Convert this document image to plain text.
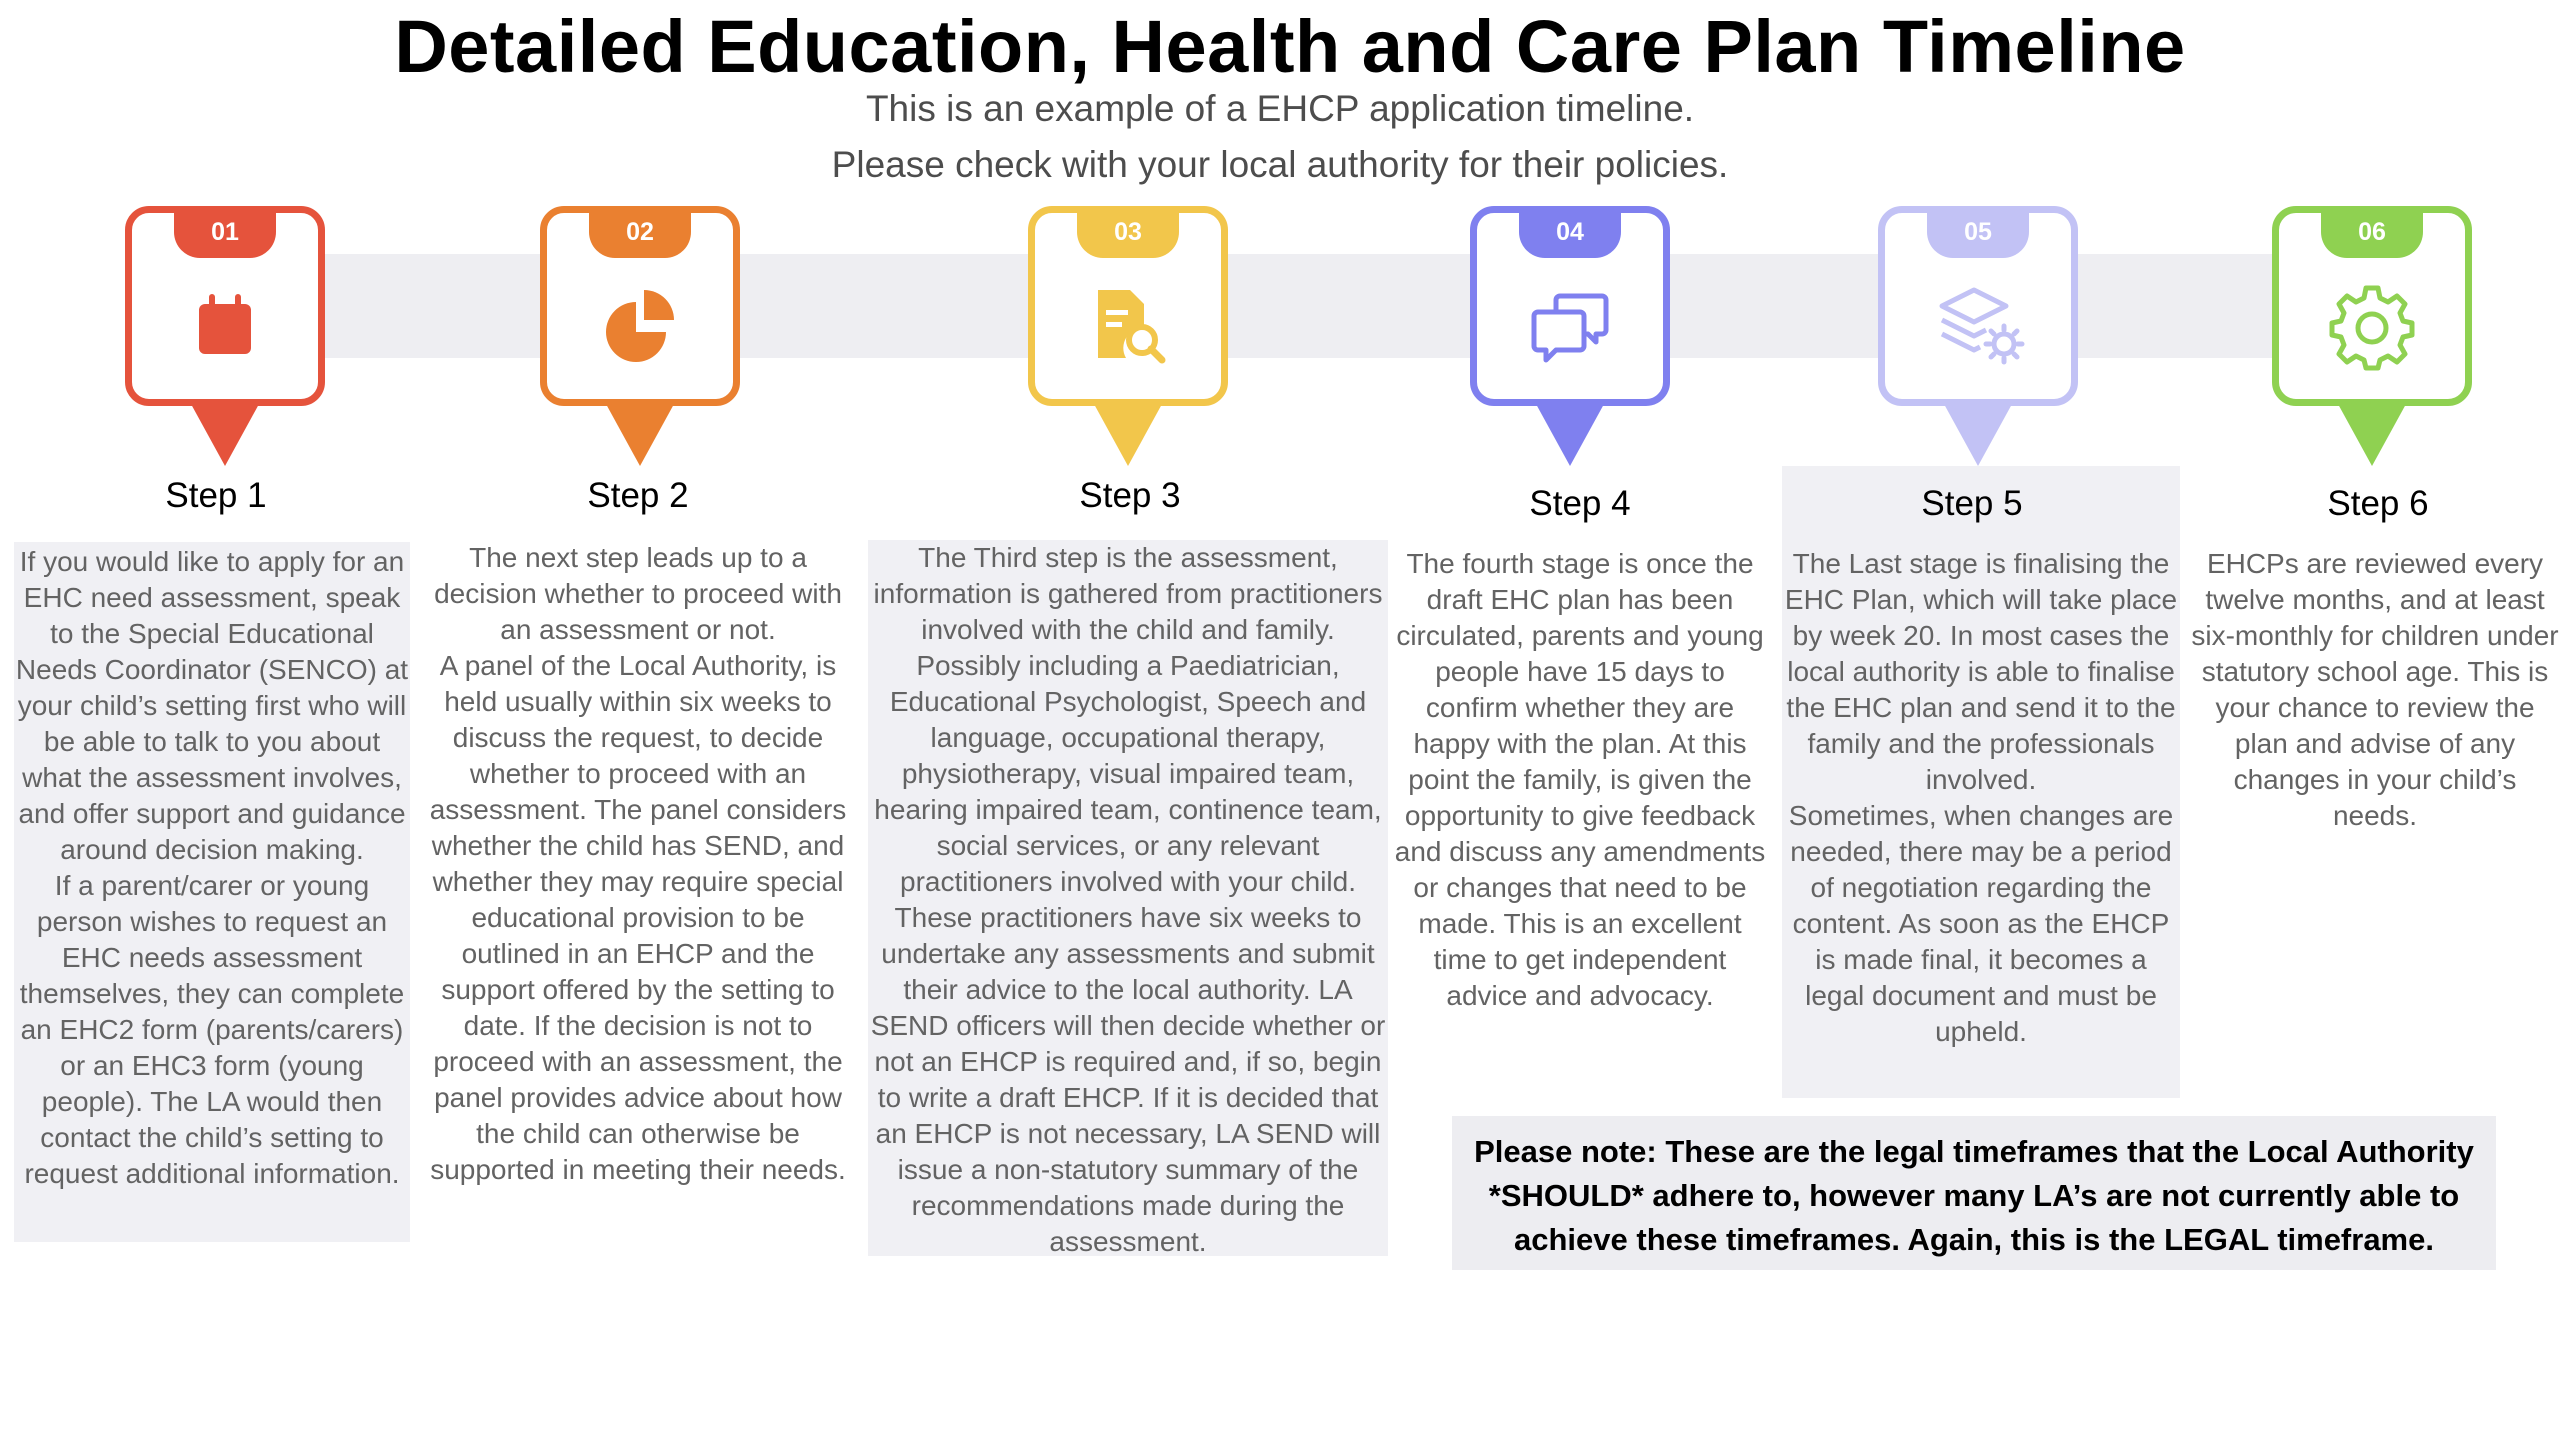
Detailed Education, Health and Care Plan Timeline
This is an example of a EHCP application timeline.
Please check with your local authority for their policies.
01
Step 1
If you would like to apply for an EHC need assessment, speak to the Special Educational Needs Coordinator (SENCO) at your child’s setting first who will be able to talk to you about what the assessment involves, and offer support and guidance around decision making.
If a parent/carer or young person wishes to request an EHC needs assessment themselves, they can complete an EHC2 form (parents/carers) or an EHC3 form (young people). The LA would then contact the child’s setting to request additional information.
02
Step 2
The next step leads up to a decision whether to proceed with an assessment or not.
A panel of the Local Authority, is held usually within six weeks to discuss the request, to decide whether to proceed with an assessment. The panel considers whether the child has SEND, and whether they may require special educational provision to be outlined in an EHCP and the support offered by the setting to date. If the decision is not to proceed with an assessment, the panel provides advice about how the child can otherwise be supported in meeting their needs.
03
Step 3
The Third step is the assessment, information is gathered from practitioners involved with the child and family.
Possibly including a Paediatrician, Educational Psychologist, Speech and language, occupational therapy, physiotherapy, visual impaired team, hearing impaired team, continence team, social services, or any relevant practitioners involved with your child.
These practitioners have six weeks to undertake any assessments and submit their advice to the local authority. LA SEND officers will then decide whether or not an EHCP is required and, if so, begin to write a draft EHCP. If it is decided that an EHCP is not necessary, LA SEND will issue a non-statutory summary of the recommendations made during the assessment.
04
Step 4
The fourth stage is once the draft EHC plan has been circulated, parents and young people have 15 days to confirm whether they are happy with the plan. At this point the family, is given the opportunity to give feedback and discuss any amendments or changes that need to be made. This is an excellent time to get independent advice and advocacy.
05
Step 5
The Last stage is finalising the EHC Plan, which will take place by week 20. In most cases the local authority is able to finalise the EHC plan and send it to the family and the professionals involved.
Sometimes, when changes are needed, there may be a period of negotiation regarding the content. As soon as the EHCP is made final, it becomes a legal document and must be upheld.
06
Step 6
EHCPs are reviewed every twelve months, and at least six-monthly for children under statutory school age. This is your chance to review the plan and advise of any changes in your child’s needs.
Please note: These are the legal timeframes that the Local Authority *SHOULD* adhere to, however many LA’s are not currently able to achieve these timeframes. Again, this is the LEGAL timeframe.
